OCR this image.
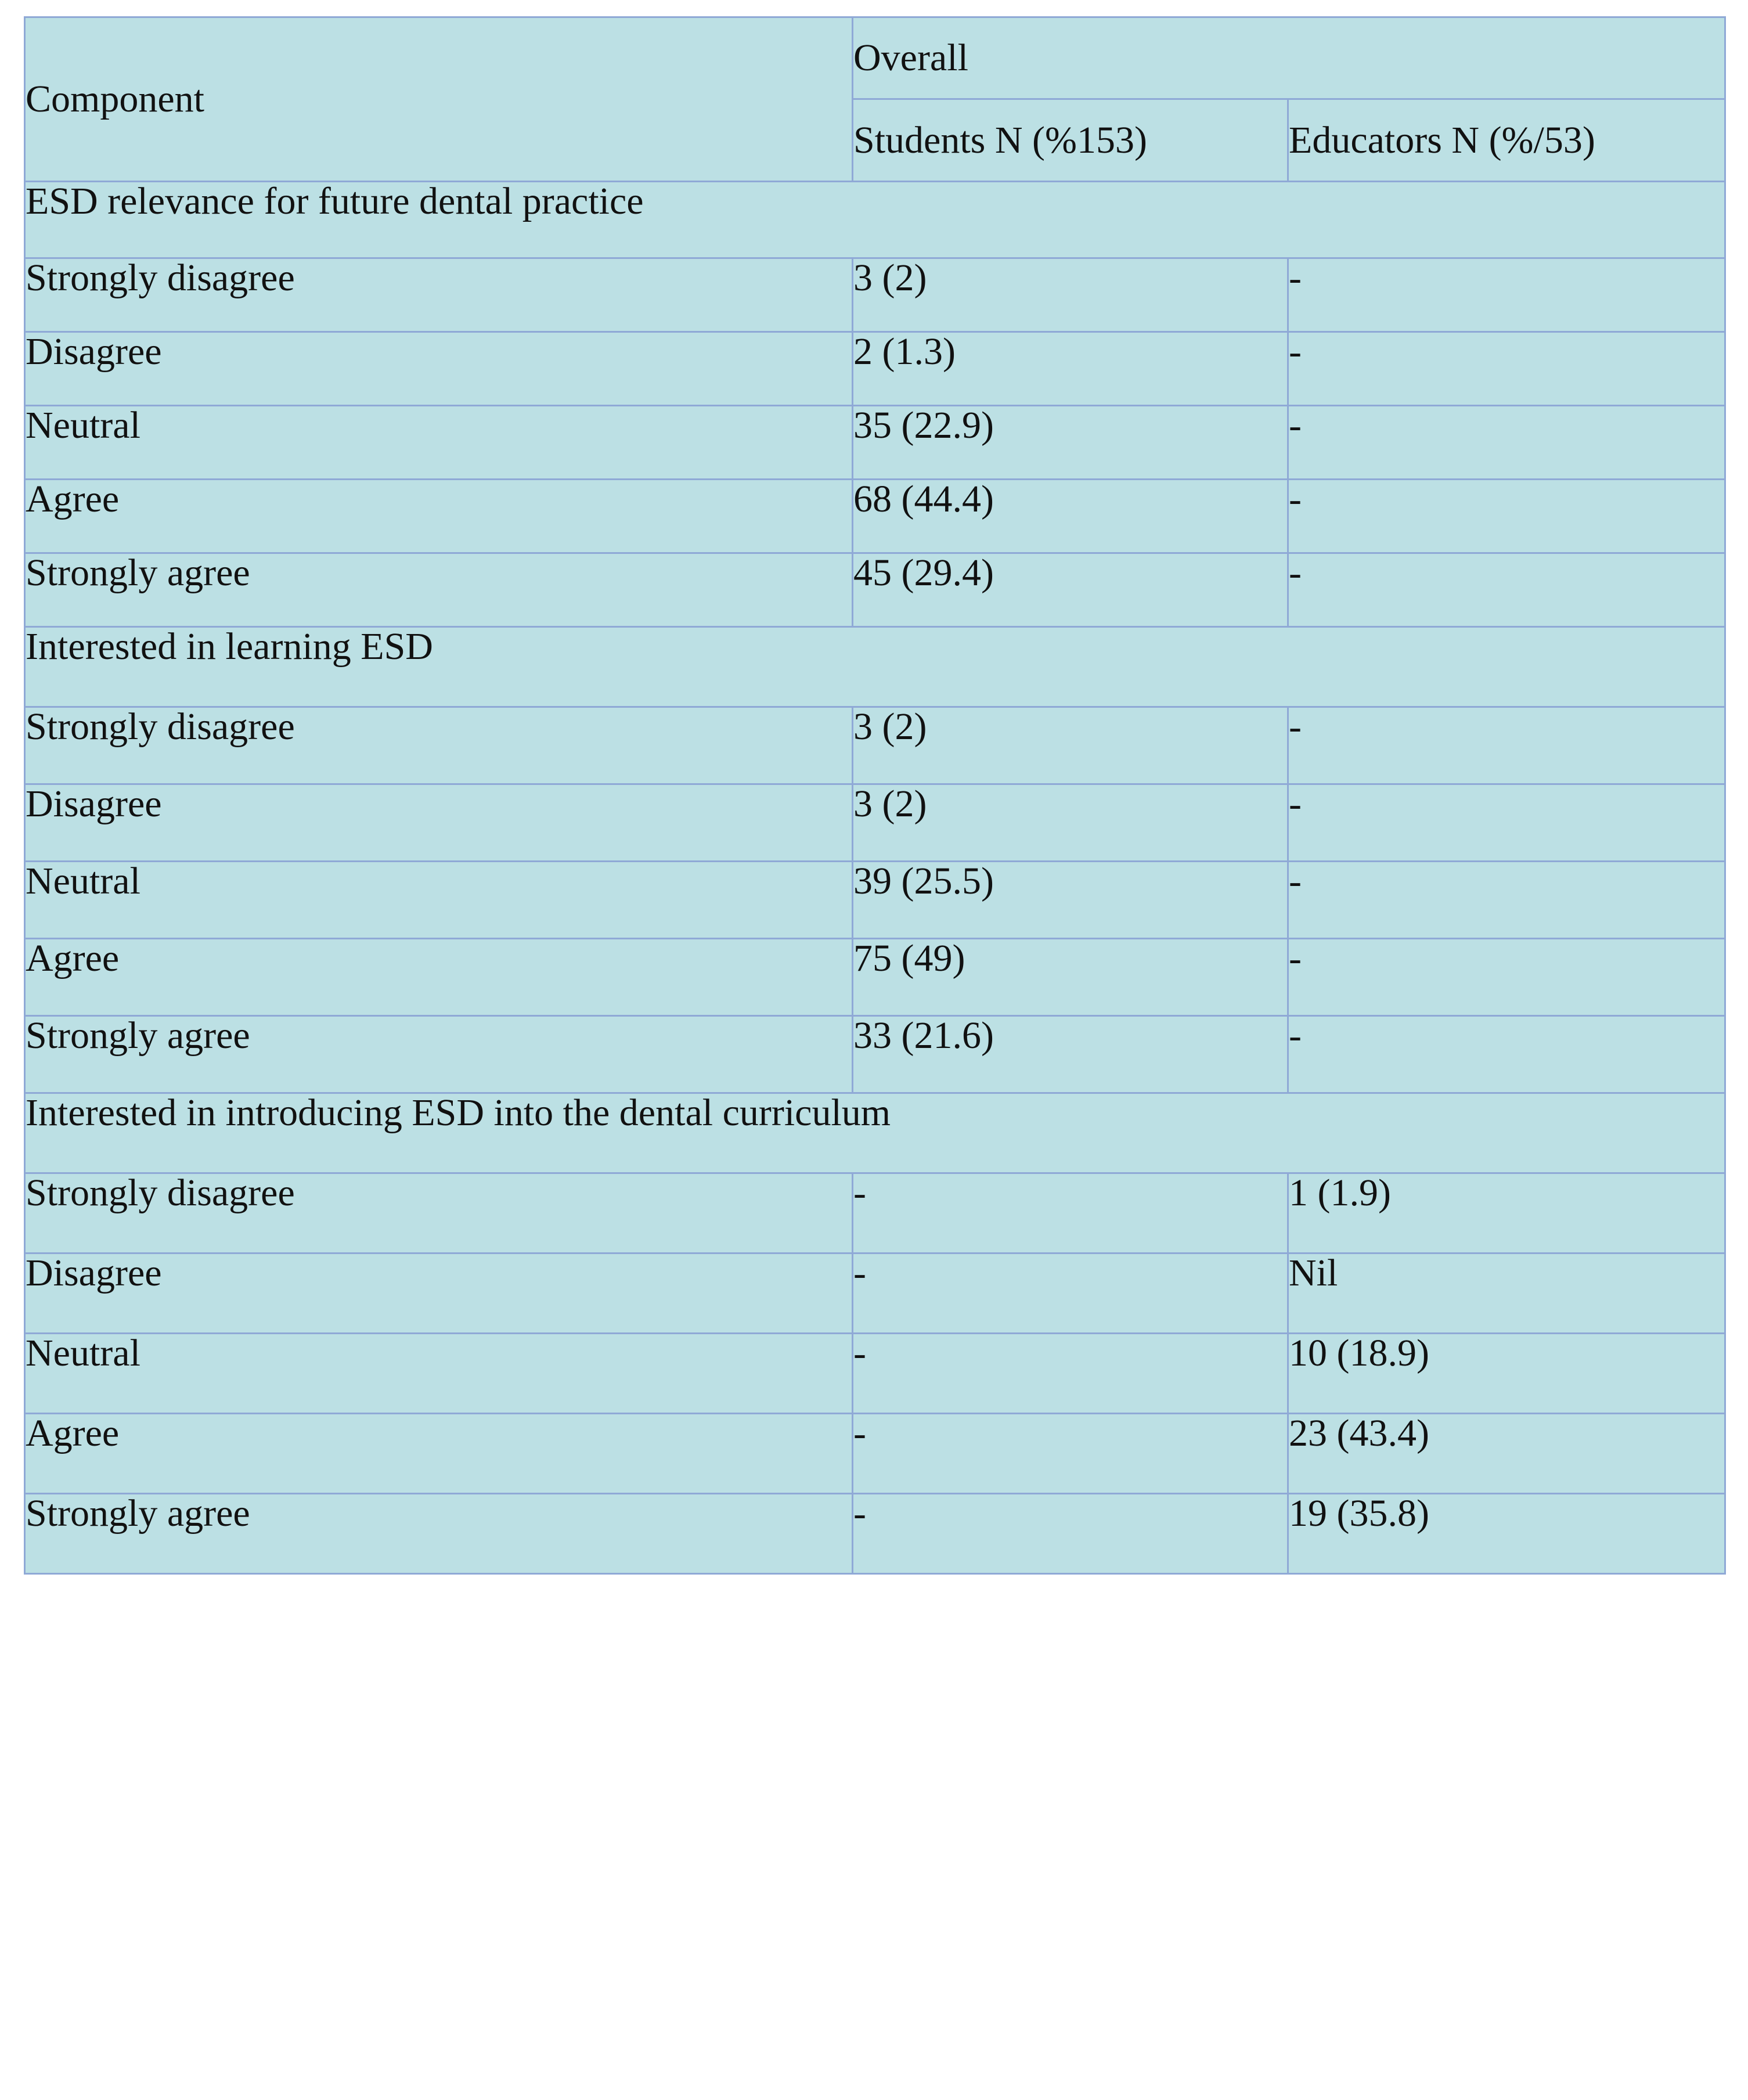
Component	Overall	
	Students N (%153)	Educators N (%/53)
ESD relevance for future dental practice		
Strongly disagree	3 (2)	-
Disagree	2 (1.3)	-
Neutral	35 (22.9)	-
Agree	68 (44.4)	-
Strongly agree	45 (29.4)	-
Interested in learning ESD		
Strongly disagree	3 (2)	-
Disagree	3 (2)	-
Neutral	39 (25.5)	-
Agree	75 (49)	-
Strongly agree	33 (21.6)	-
Interested in introducing ESD into the dental curriculum		
Strongly disagree	-	1 (1.9)
Disagree	-	Nil
Neutral	-	10 (18.9)
Agree	-	23 (43.4)
Strongly agree	-	19 (35.8)
